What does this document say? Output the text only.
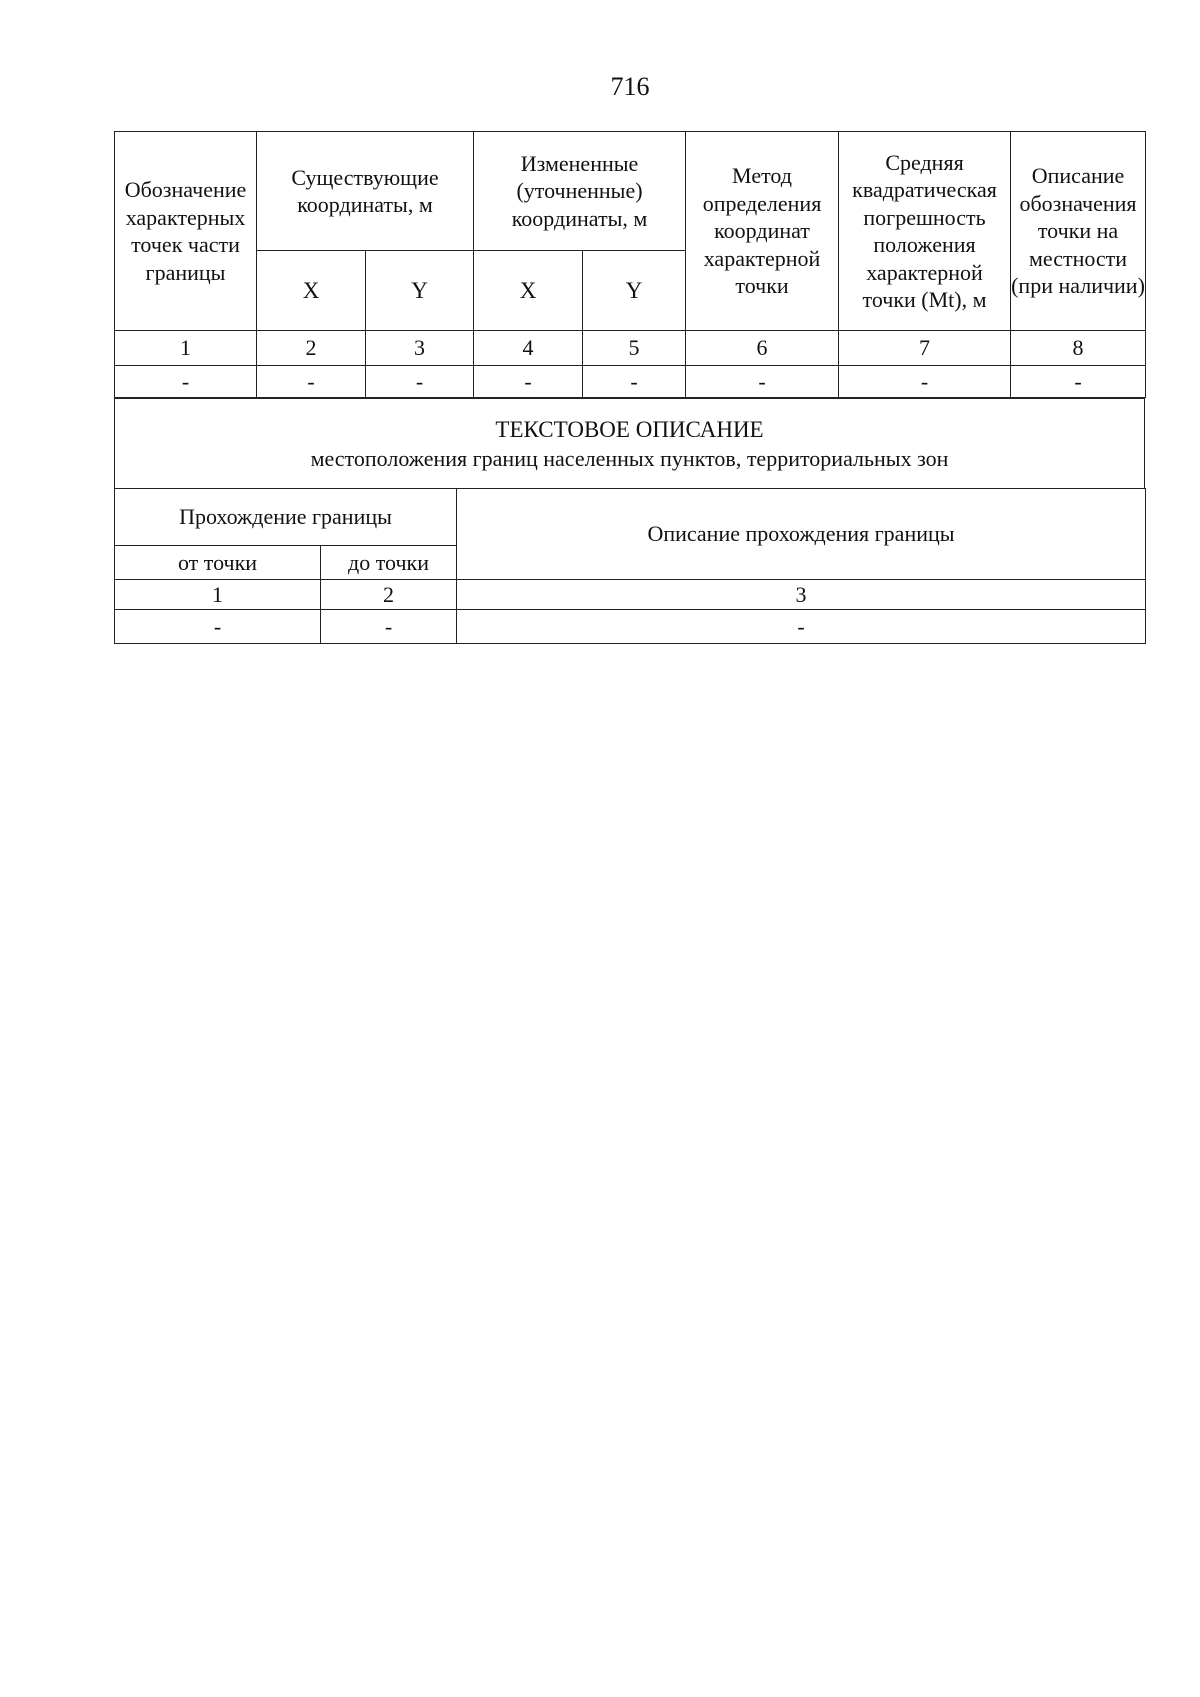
716
Обозначение характерных точек части границы	Существующие координаты, м		Измененные (уточненные) координаты, м		Метод определения координат характерной точки	Средняя квадратическая погрешность положения характерной точки (Mt), м	Описание обозначения точки на местности (при наличии)
	X	Y	X	Y			
1	2	3	4	5	6	7	8
-	-	-	-	-	-	-	-
ТЕКСТОВОЕ ОПИСАНИЕ
местоположения границ населенных пунктов, территориальных зон
Прохождение границы		Описание прохождения границы
от точки	до точки	
1	2	3
-	-	-
